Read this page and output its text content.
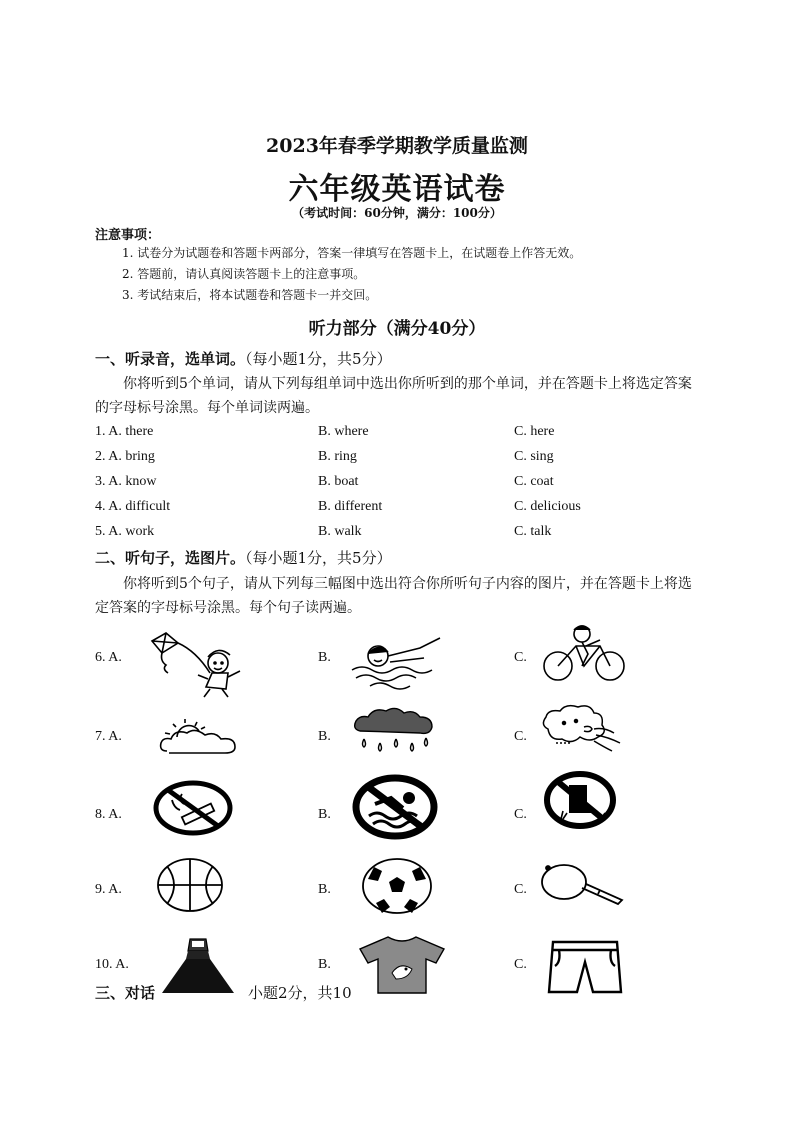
2023年春季学期教学质量监测
六年级英语试卷
（考试时间：60分钟，满分：100分）
注意事项：
1. 试卷分为试题卷和答题卡两部分，答案一律填写在答题卡上，在试题卷上作答无效。
2. 答题前，请认真阅读答题卡上的注意事项。
3. 考试结束后，将本试题卷和答题卡一并交回。
听力部分（满分40分）
一、听录音，选单词。（每小题1分，共5分）
你将听到5个单词，请从下列每组单词中选出你所听到的那个单词，并在答题卡上将选定答案的字母标号涂黑。每个单词读两遍。
1. A. there	B. where	C. here
2. A. bring	B. ring	C. sing
3. A. know	B. boat	C. coat
4. A. difficult	B. different	C. delicious
5. A. work	B. walk	C. talk
二、听句子，选图片。（每小题1分，共5分）
你将听到5个句子，请从下列每三幅图中选出符合你所听句子内容的图片，并在答题卡上将选定答案的字母标号涂黑。每个句子读两遍。
6. A.	B.	C.
7. A.	B.	C.
8. A.	B.	C.
9. A.	B.	C.
10. A.	B.	C.
三、对话	小题2分，共10
